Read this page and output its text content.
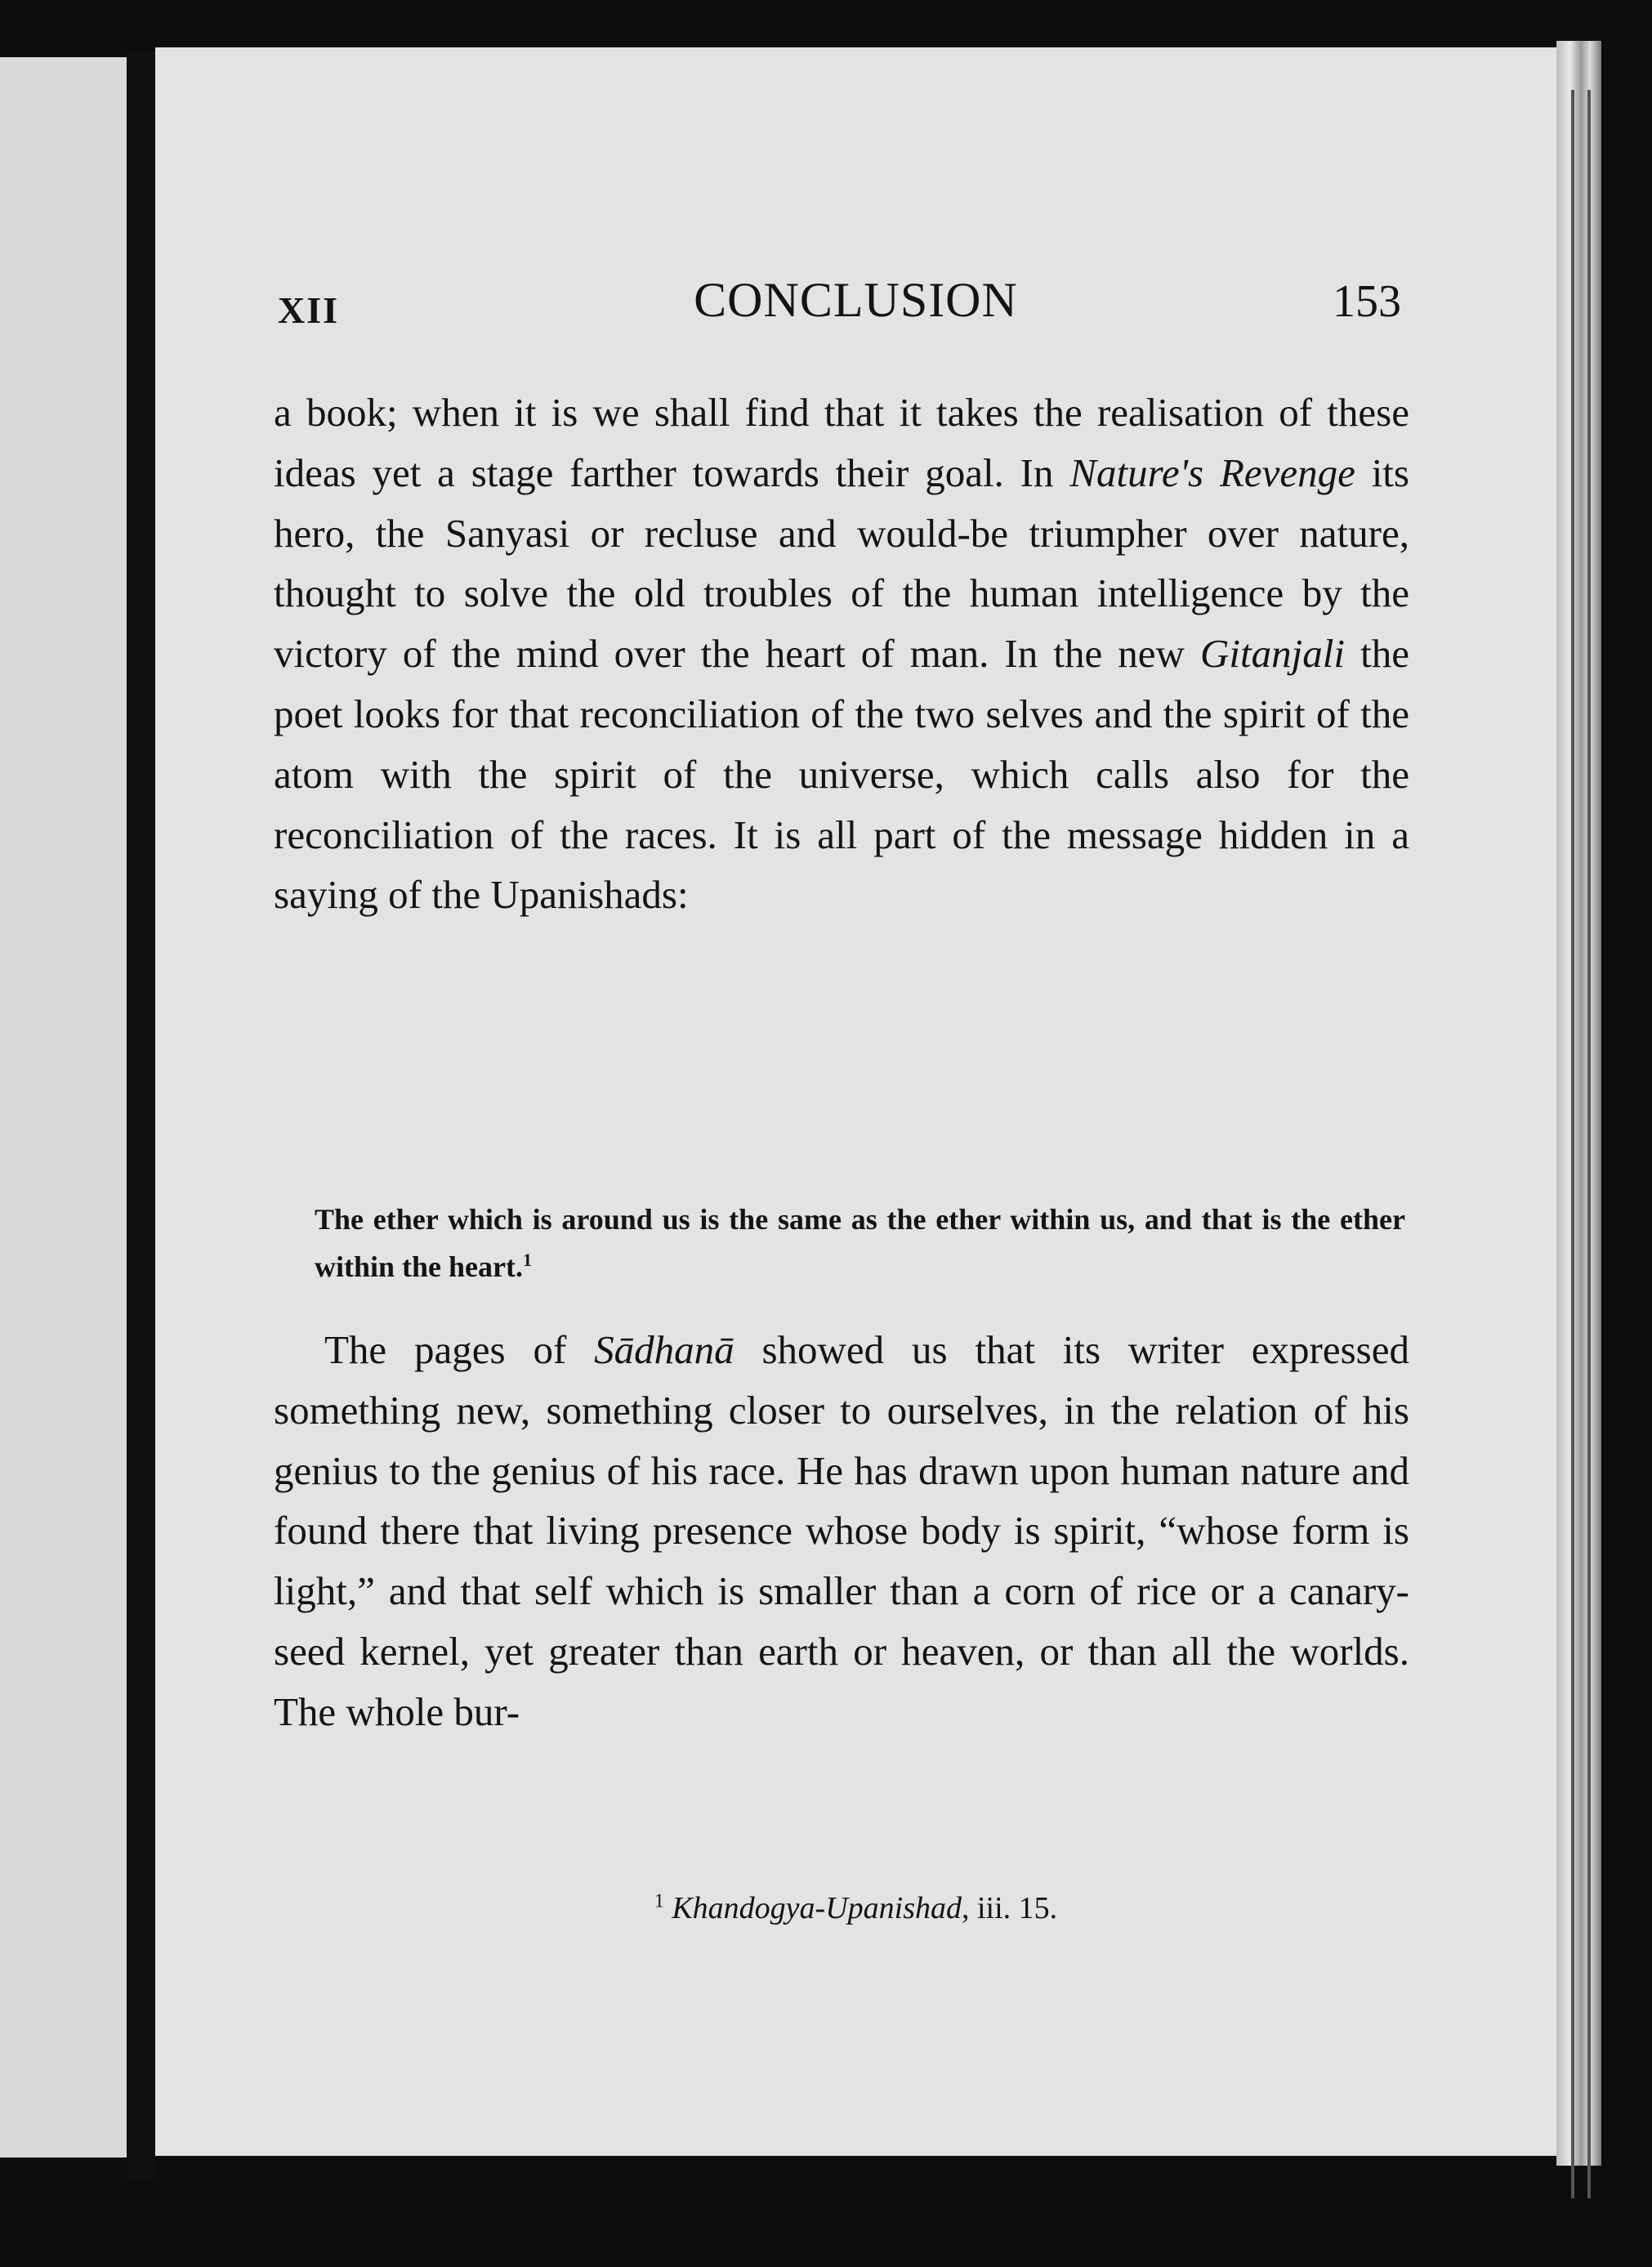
XII	CONCLUSION	153

a book; when it is we shall find that it takes the realisation of these ideas yet a stage farther towards their goal. In Nature's Revenge its hero, the Sanyasi or recluse and would-be triumpher over nature, thought to solve the old troubles of the human intelligence by the victory of the mind over the heart of man. In the new Gitanjali the poet looks for that reconciliation of the two selves and the spirit of the atom with the spirit of the universe, which calls also for the reconciliation of the races. It is all part of the message hidden in a saying of the Upanishads:

The ether which is around us is the same as the ether within us, and that is the ether within the heart.$^1$

The pages of Sādhanā showed us that its writer expressed something new, something closer to ourselves, in the relation of his genius to the genius of his race. He has drawn upon human nature and found there that living presence whose body is spirit, “whose form is light,” and that self which is smaller than a corn of rice or a canary-seed kernel, yet greater than earth or heaven, or than all the worlds. The whole bur-

$^1$ Khandogya-Upanishad, iii. 15.
